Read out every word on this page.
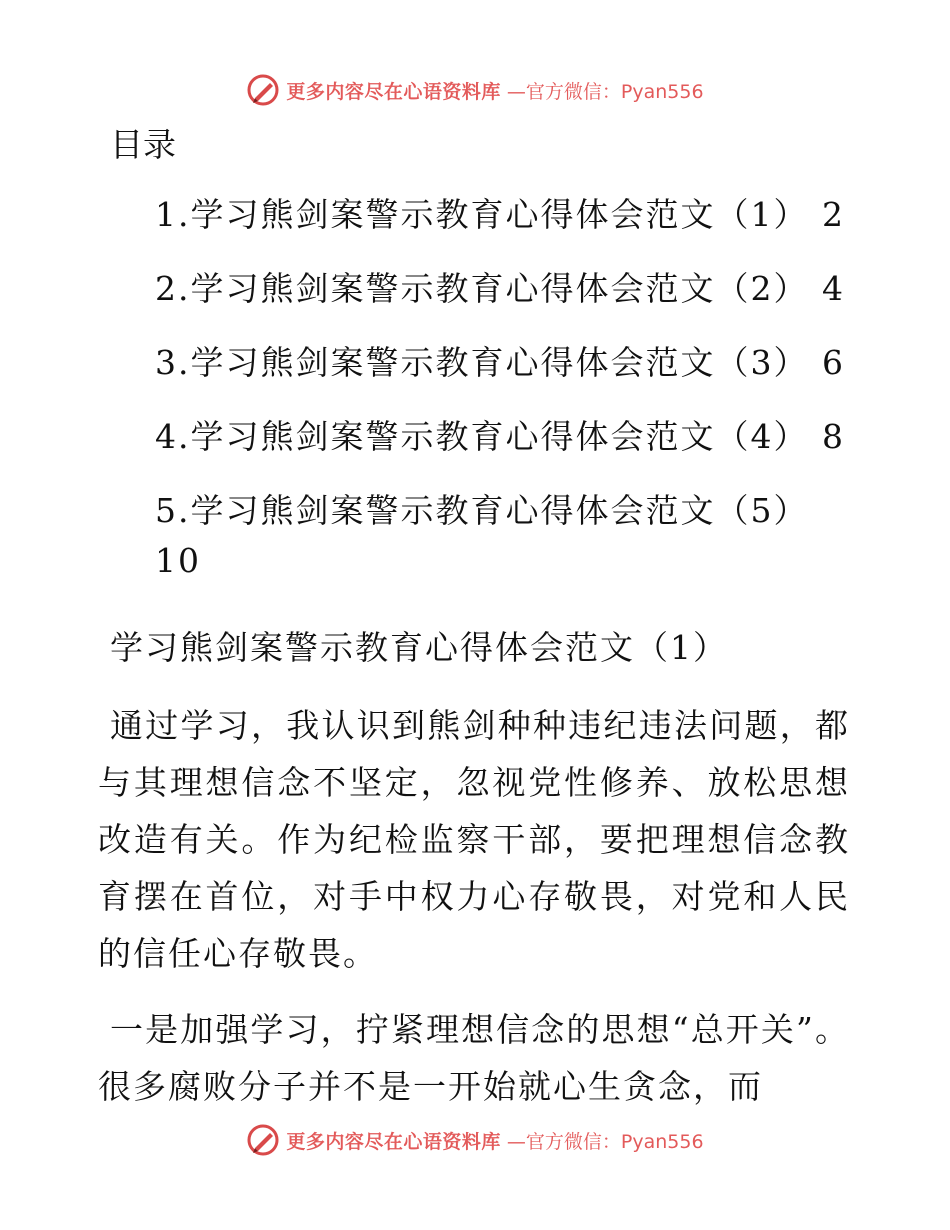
更多内容尽在心语资料库 —官方微信：Pyan556
目录
1.学习熊剑案警示教育心得体会范文（1） 2
2.学习熊剑案警示教育心得体会范文（2） 4
3.学习熊剑案警示教育心得体会范文（3） 6
4.学习熊剑案警示教育心得体会范文（4） 8
5.学习熊剑案警示教育心得体会范文（5）
10
学习熊剑案警示教育心得体会范文（1）

通过学习，我认识到熊剑种种违纪违法问题，都与其理想信念不坚定，忽视党性修养、放松思想改造有关。作为纪检监察干部，要把理想信念教育摆在首位，对手中权力心存敬畏，对党和人民的信任心存敬畏。

一是加强学习，拧紧理想信念的思想“总开关”。很多腐败分子并不是一开始就心生贪念，而

更多内容尽在心语资料库 —官方微信：Pyan556
